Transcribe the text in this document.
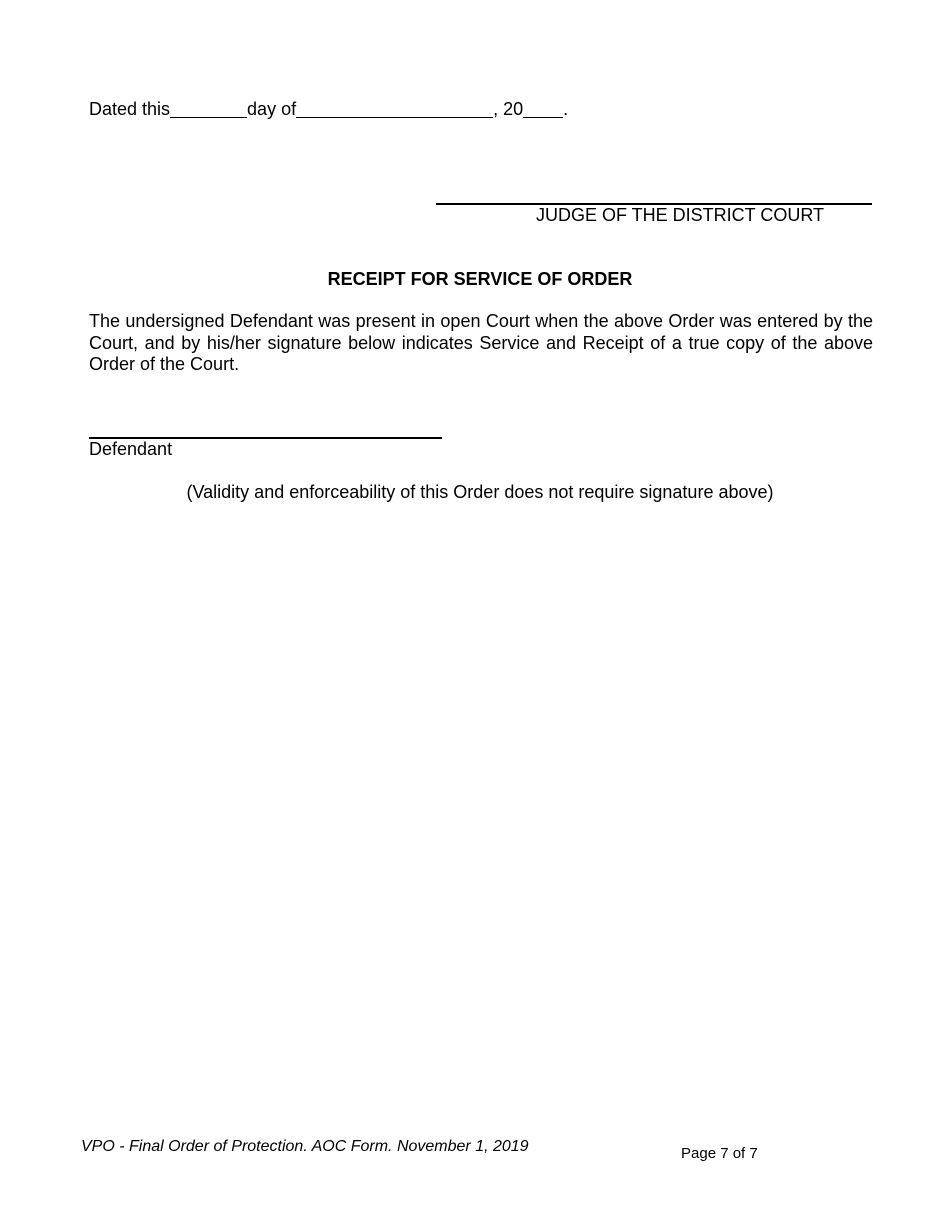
Dated this	day of	, 20 .
JUDGE OF THE DISTRICT COURT
RECEIPT FOR SERVICE OF ORDER
The undersigned Defendant was present in open Court when the above Order was entered by the Court, and by his/her signature below indicates Service and Receipt of a true copy of the above Order of the Court.
Defendant
(Validity and enforceability of this Order does not require signature above)
VPO - Final Order of Protection. AOC Form. November 1, 2019	Page 7 of 7
